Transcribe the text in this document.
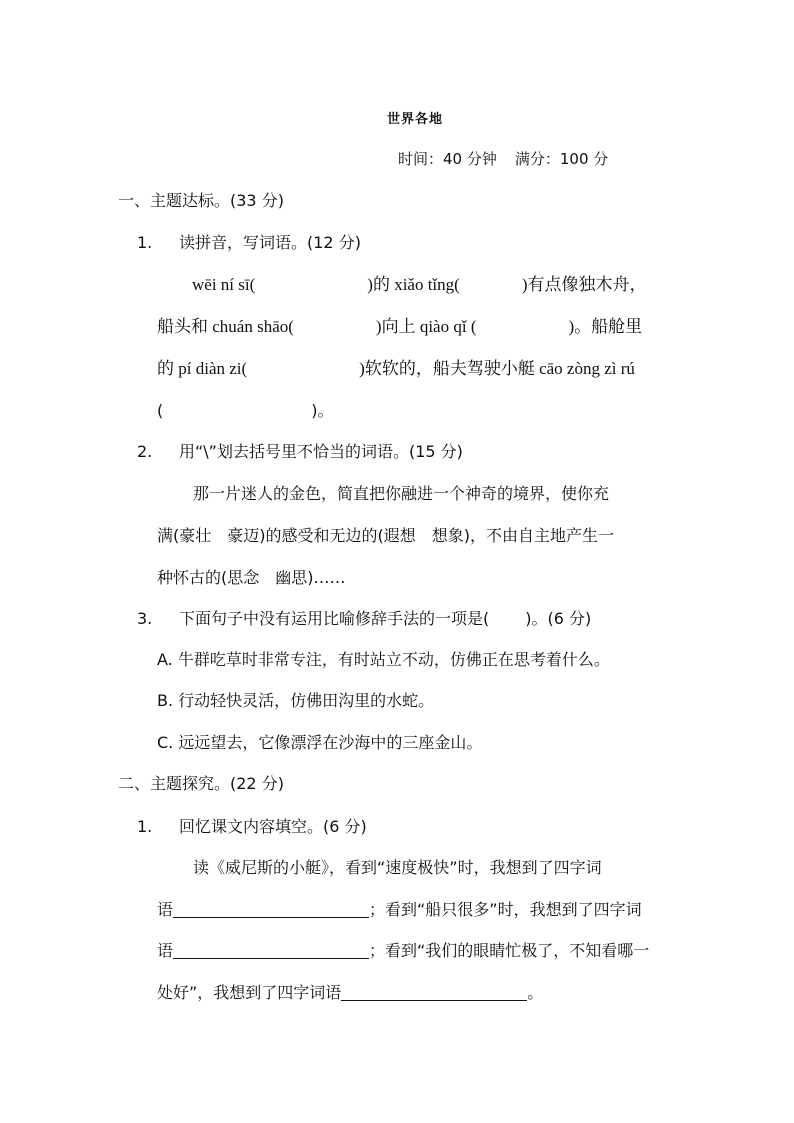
世界各地
时间：40 分钟 满分：100 分
一、主题达标。(33 分)
1. 读拼音，写词语。(12 分)
wēi ní sī(	)的 xiǎo tǐng(	)有点像独木舟，
船头和 chuán shāo(	)向上 qiào qǐ (	)。船舱里
的 pí diàn zi(	)软软的，船夫驾驶小艇 cāo zòng zì rú
(	)。
2. 用“\”划去括号里不恰当的词语。(15 分)
那一片迷人的金色，简直把你融进一个神奇的境界，使你充
满(豪壮　豪迈)的感受和无边的(遐想　想象)，不由自主地产生一
种怀古的(思念　幽思)……
3. 下面句子中没有运用比喻修辞手法的一项是( )。(6 分)
A. 牛群吃草时非常专注，有时站立不动，仿佛正在思考着什么。
B. 行动轻快灵活，仿佛田沟里的水蛇。
C. 远远望去，它像漂浮在沙海中的三座金山。
二、主题探究。(22 分)
1. 回忆课文内容填空。(6 分)
读《威尼斯的小艇》，看到“速度极快”时，我想到了四字词
语	；看到“船只很多”时，我想到了四字词
语	；看到“我们的眼睛忙极了，不知看哪一
处好”，我想到了四字词语	。
